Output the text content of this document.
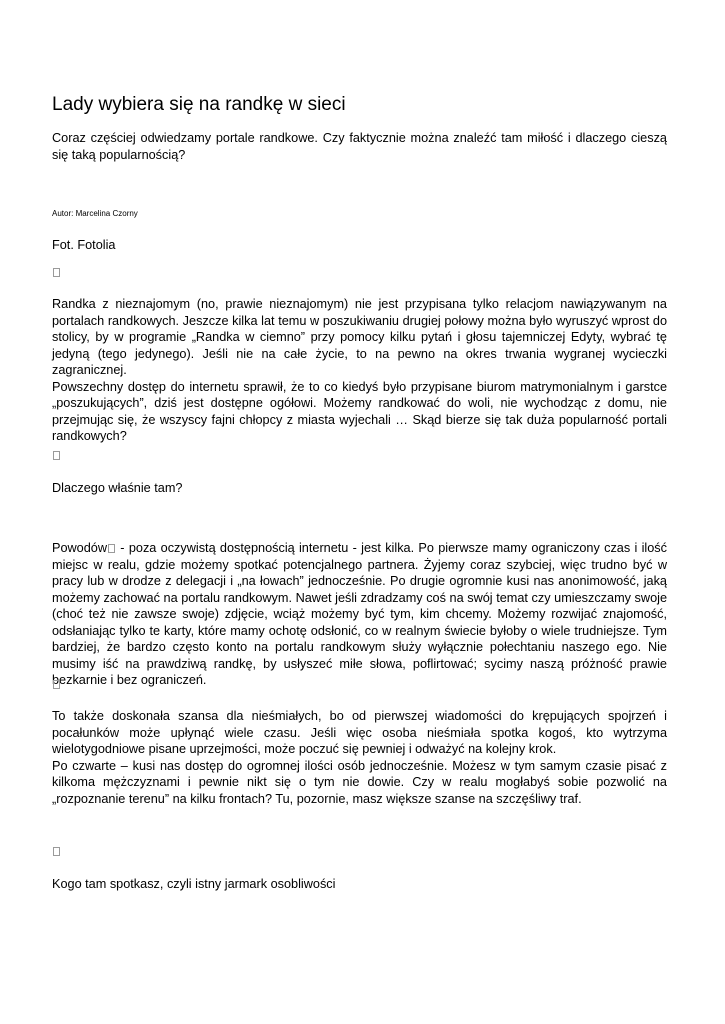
Lady wybiera się na randkę w sieci
Coraz częściej odwiedzamy portale randkowe. Czy faktycznie można znaleźć tam miłość i dlaczego cieszą się taką popularnością?
Autor: Marcelina Czorny
Fot. Fotolia

Randka z nieznajomym (no, prawie nieznajomym) nie jest przypisana tylko relacjom nawiązywanym na portalach randkowych. Jeszcze kilka lat temu w poszukiwaniu drugiej połowy można było wyruszyć wprost do stolicy, by w programie „Randka w ciemno” przy pomocy kilku pytań i głosu tajemniczej Edyty, wybrać tę jedyną (tego jedynego). Jeśli nie na całe życie, to na pewno na okres trwania wygranej wycieczki zagranicznej.

Powszechny dostęp do internetu sprawił, że to co kiedyś było przypisane biurom matrymonialnym i garstce „poszukujących”, dziś jest dostępne ogółowi. Możemy randkować do woli, nie wychodząc z domu, nie przejmując się, że wszyscy fajni chłopcy z miasta wyjechali … Skąd bierze się tak duża popularność portali randkowych?

Dlaczego właśnie tam?

Powodów - poza oczywistą dostępnością internetu - jest kilka. Po pierwsze mamy ograniczony czas i ilość miejsc w realu, gdzie możemy spotkać potencjalnego partnera. Żyjemy coraz szybciej, więc trudno być w pracy lub w drodze z delegacji i „na łowach” jednocześnie. Po drugie ogromnie kusi nas anonimowość, jaką możemy zachować na portalu randkowym. Nawet jeśli zdradzamy coś na swój temat czy umieszczamy swoje (choć też nie zawsze swoje) zdjęcie, wciąż możemy być tym, kim chcemy. Możemy rozwijać znajomość, odsłaniając tylko te karty, które mamy ochotę odsłonić, co w realnym świecie byłoby o wiele trudniejsze. Tym bardziej, że bardzo często konto na portalu randkowym służy wyłącznie połechtaniu naszego ego. Nie musimy iść na prawdziwą randkę, by usłyszeć miłe słowa, poflirtować; sycimy naszą próżność prawie bezkarnie i bez ograniczeń.

To także doskonała szansa dla nieśmiałych, bo od pierwszej wiadomości do krępujących spojrzeń i pocałunków może upłynąć wiele czasu. Jeśli więc osoba nieśmiała spotka kogoś, kto wytrzyma wielotygodniowe pisane uprzejmości, może poczuć się pewniej i odważyć na kolejny krok.

Po czwarte – kusi nas dostęp do ogromnej ilości osób jednocześnie. Możesz w tym samym czasie pisać z kilkoma mężczyznami i pewnie nikt się o tym nie dowie. Czy w realu mogłabyś sobie pozwolić na „rozpoznanie terenu” na kilku frontach? Tu, pozornie, masz większe szanse na szczęśliwy traf.

Kogo tam spotkasz, czyli istny jarmark osobliwości
